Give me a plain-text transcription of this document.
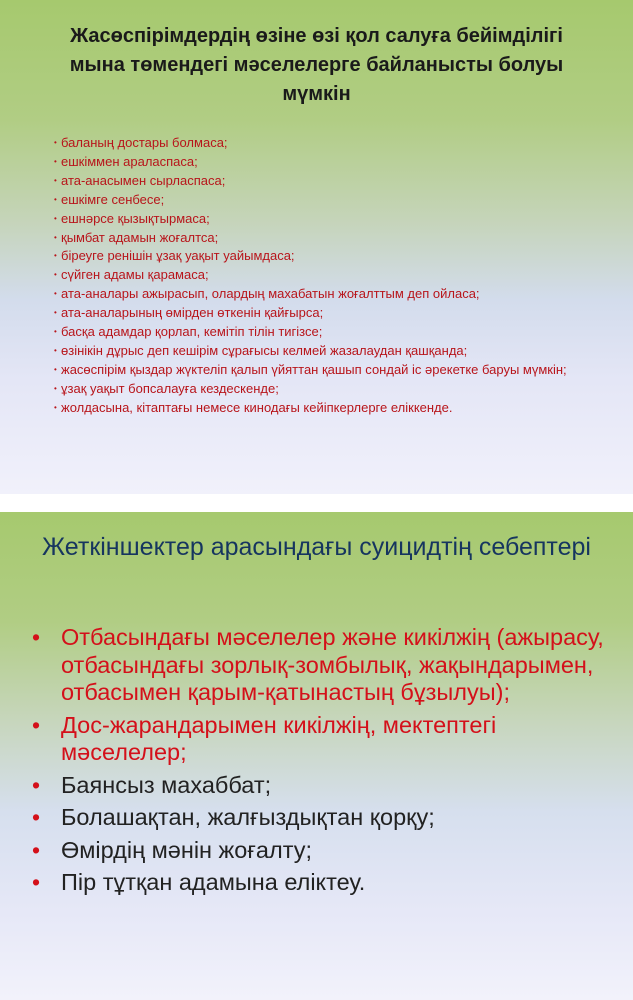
Жасөспірімдердің өзіне өзі қол салуға бейімділігі мына төмендегі мәселелерге байланысты болуы мүмкін
• баланың достары болмаса;
• ешкіммен араласпаса;
• ата-анасымен сырласпаса;
• ешкімге сенбесе;
• ешнәрсе қызықтырмаса;
• қымбат адамын жоғалтса;
• біреуге ренішін ұзақ уақыт уайымдаса;
• сүйген адамы қарамаса;
• ата-аналары ажырасып, олардың махабатын жоғалттым деп ойласа;
• ата-аналарының өмірден өткенін қайғырса;
• басқа адамдар қорлап, кемітіп тілін тигізсе;
• өзінікін дұрыс деп кешірім сұрағысы келмей жазалаудан қашқанда;
• жасөспірім қыздар жүктеліп қалып үйяттан қашып сондай іс әрекетке баруы мүмкін;
• ұзақ уақыт бопсалауға кездескенде;
• жолдасына, кітаптағы немесе кинодағы кейіпкерлерге еліккенде.
Жеткіншектер арасындағы суицидтің себептері
• Отбасындағы мәселелер және кикілжің (ажырасу, отбасындағы зорлық-зомбылық, жақындарымен, отбасымен қарым-қатынастың бұзылуы);
• Дос-жарандарымен кикілжің, мектептегі мәселелер;
• Баянсыз махаббат;
• Болашақтан, жалғыздықтан қорқу;
• Өмірдің мәнін жоғалту;
• Пір тұтқан адамына еліктеу.
